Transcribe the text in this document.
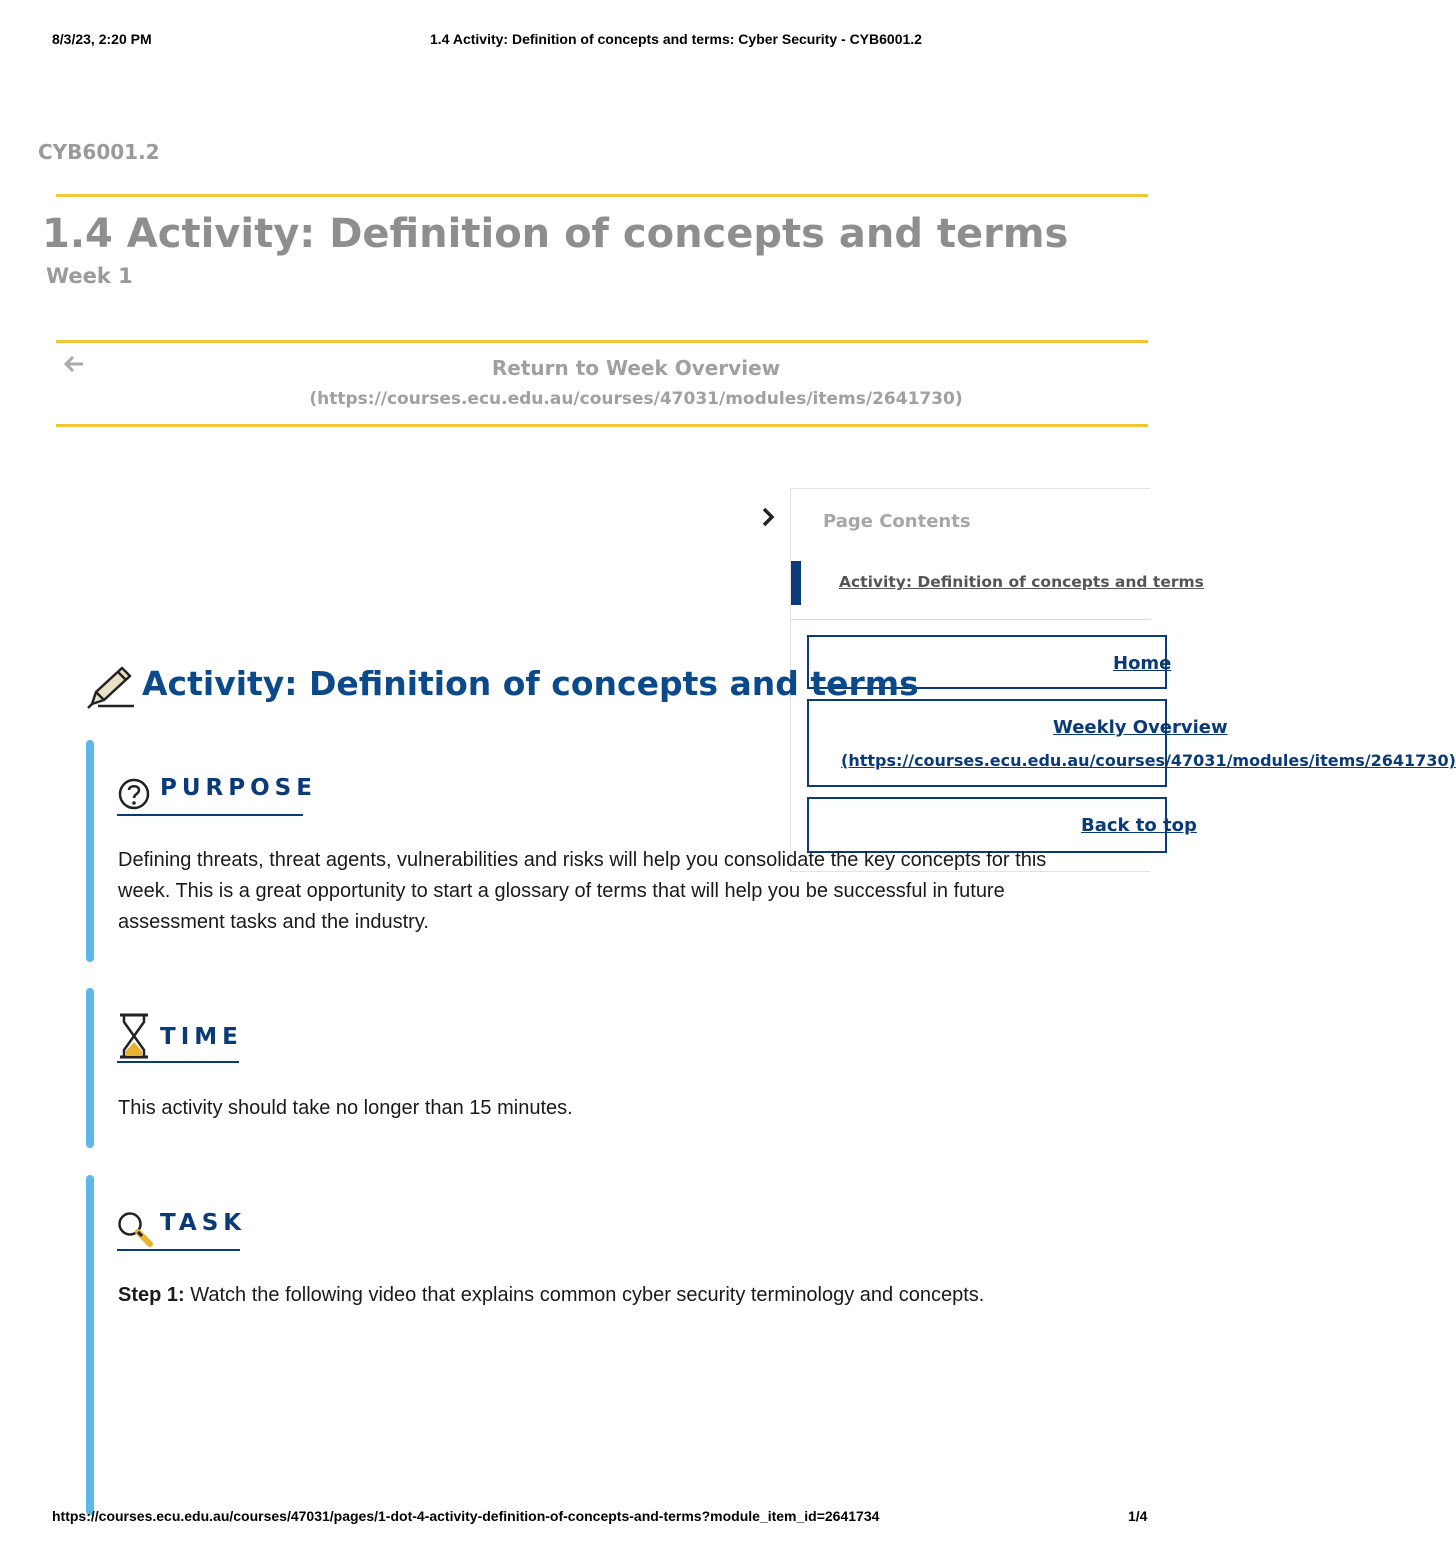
8/3/23, 2:20 PM	1.4 Activity: Definition of concepts and terms: Cyber Security - CYB6001.2
CYB6001.2
1.4 Activity: Definition of concepts and terms
Week 1
Return to Week Overview
(https://courses.ecu.edu.au/courses/47031/modules/items/2641730)
Page Contents
Activity: Definition of concepts and terms
Home
Weekly Overview
(https://courses.ecu.edu.au/courses/47031/modules/items/2641730)
Back to top
Activity: Definition of concepts and terms
PURPOSE
Defining threats, threat agents, vulnerabilities and risks will help you consolidate the key concepts for this week. This is a great opportunity to start a glossary of terms that will help you be successful in future assessment tasks and the industry.
TIME
This activity should take no longer than 15 minutes.
TASK
Step 1: Watch the following video that explains common cyber security terminology and concepts.
https://courses.ecu.edu.au/courses/47031/pages/1-dot-4-activity-definition-of-concepts-and-terms?module_item_id=2641734	1/4
